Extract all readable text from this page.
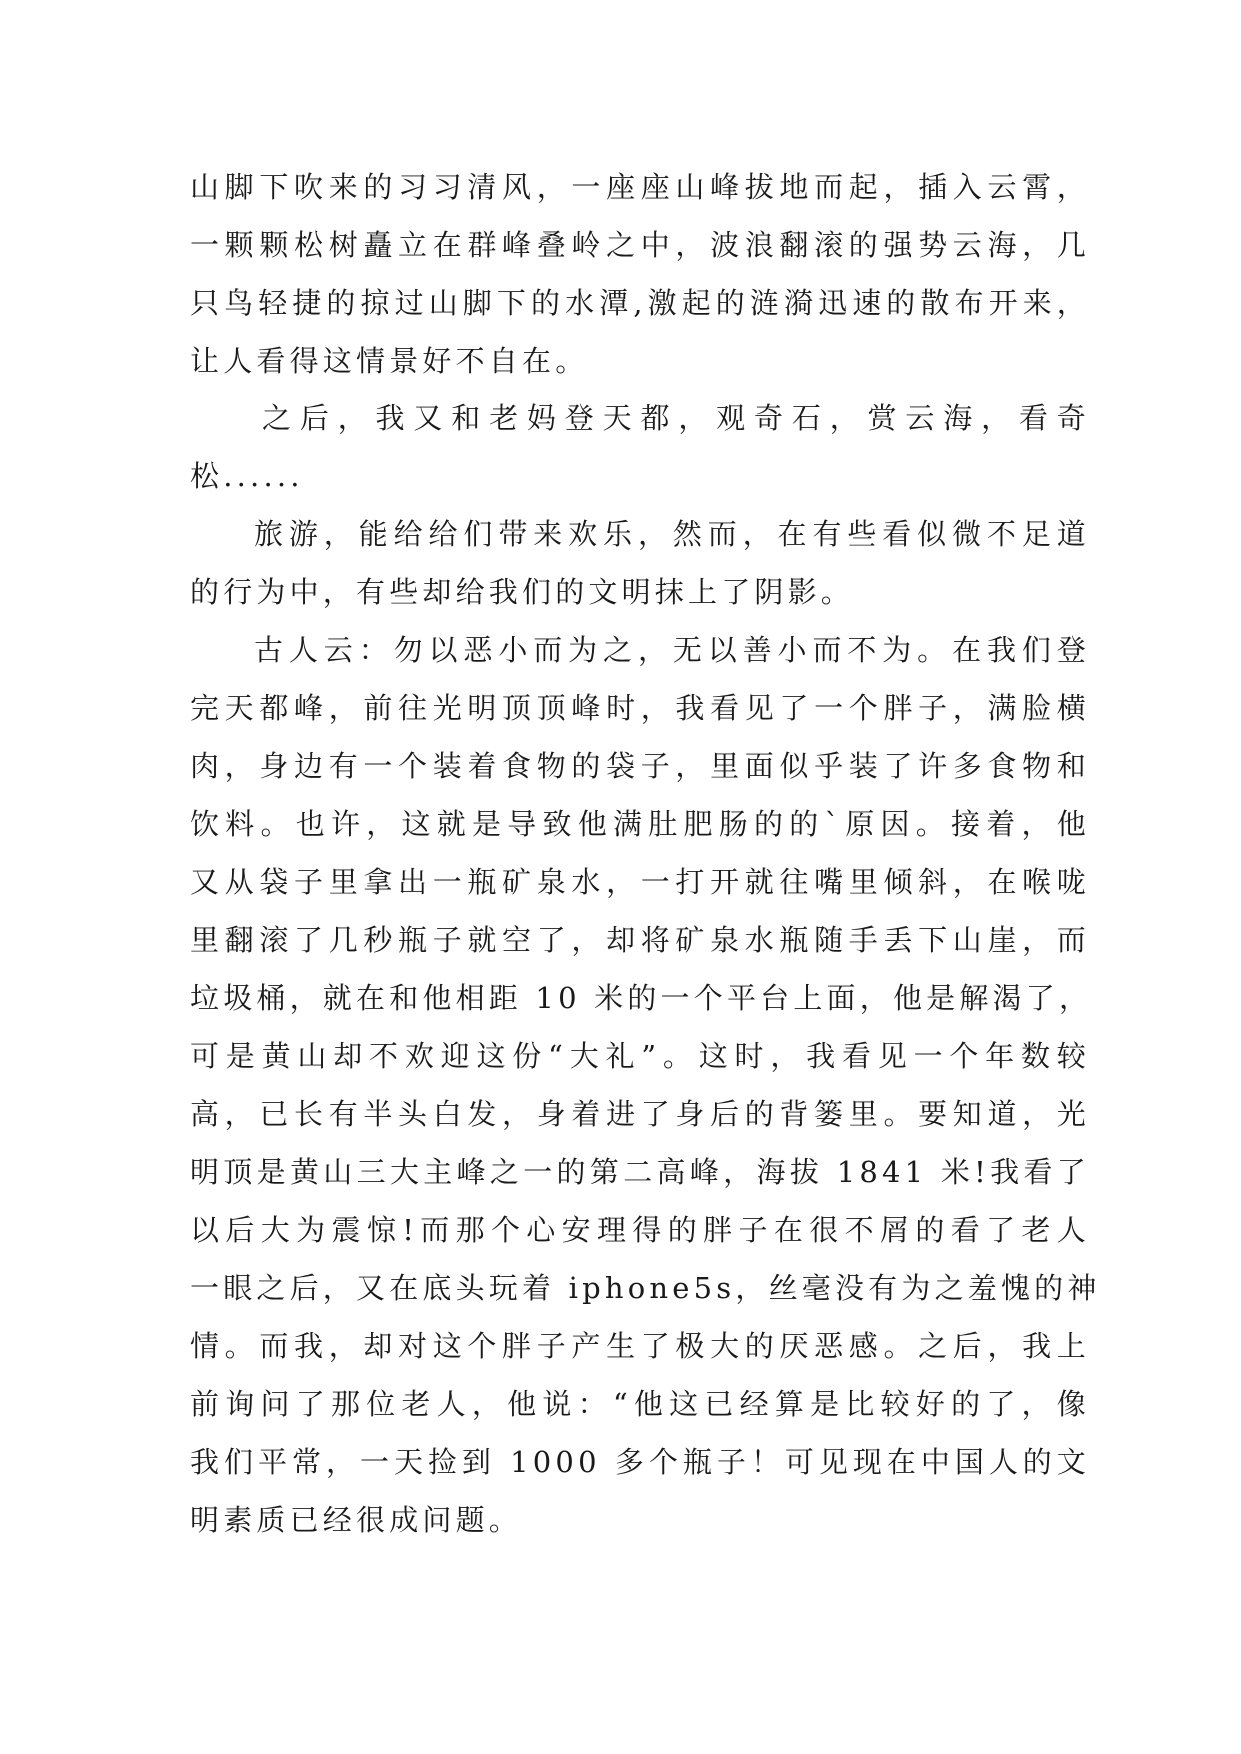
山脚下吹来的习习清风，一座座山峰拔地而起，插入云霄，
一颗颗松树矗立在群峰叠岭之中，波浪翻滚的强势云海，几
只鸟轻捷的掠过山脚下的水潭,激起的涟漪迅速的散布开来，
让人看得这情景好不自在。
之后，我又和老妈登天都，观奇石，赏云海，看奇
松......
旅游，能给给们带来欢乐，然而，在有些看似微不足道
的行为中，有些却给我们的文明抹上了阴影。
古人云：勿以恶小而为之，无以善小而不为。在我们登
完天都峰，前往光明顶顶峰时，我看见了一个胖子，满脸横
肉，身边有一个装着食物的袋子，里面似乎装了许多食物和
饮料。也许，这就是导致他满肚肥肠的的`原因。接着，他
又从袋子里拿出一瓶矿泉水，一打开就往嘴里倾斜，在喉咙
里翻滚了几秒瓶子就空了，却将矿泉水瓶随手丢下山崖，而
垃圾桶，就在和他相距 10 米的一个平台上面，他是解渴了，
可是黄山却不欢迎这份“大礼”。这时，我看见一个年数较
高，已长有半头白发，身着进了身后的背篓里。要知道，光
明顶是黄山三大主峰之一的第二高峰，海拔 1841 米!我看了
以后大为震惊!而那个心安理得的胖子在很不屑的看了老人
一眼之后，又在底头玩着 iphone5s，丝毫没有为之羞愧的神
情。而我，却对这个胖子产生了极大的厌恶感。之后，我上
前询问了那位老人，他说：“他这已经算是比较好的了，像
我们平常，一天捡到 1000 多个瓶子！可见现在中国人的文
明素质已经很成问题。
